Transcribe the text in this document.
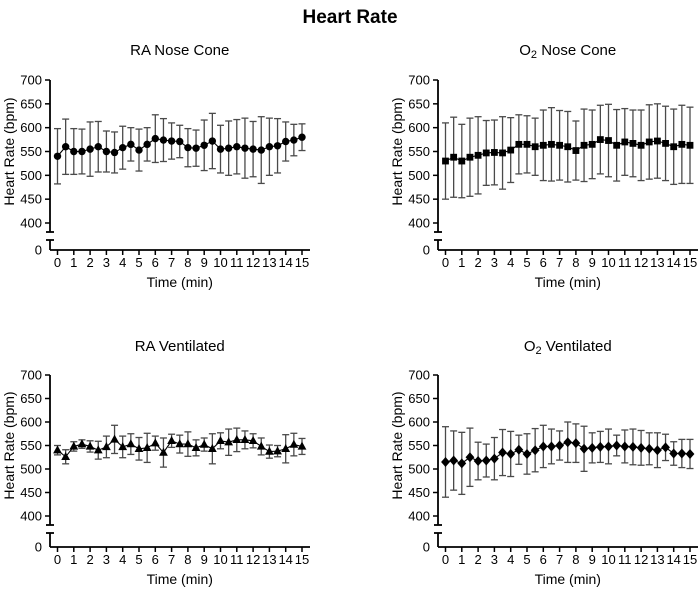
Heart Rate
RA Nose Cone
Heart Rate (bpm)
400
450
500
550
600
650
700
0
0 1 2 3 4 5 6 7 8 9 10 11 12 13 14 15
Time (min)
$O_2$ Nose Cone
Heart Rate (bpm)
400
450
500
550
600
650
700
0
0 1 2 3 4 5 6 7 8 9 10 11 12 13 14 15
Time (min)
RA Ventilated
Heart Rate (bpm)
400
450
500
550
600
650
700
0
0 1 2 3 4 5 6 7 8 9 10 11 12 13 14 15
Time (min)
$O_2$ Ventilated
Heart Rate (bpm)
400
450
500
550
600
650
700
0
0 1 2 3 4 5 6 7 8 9 10 11 12 13 14 15
Time (min)
